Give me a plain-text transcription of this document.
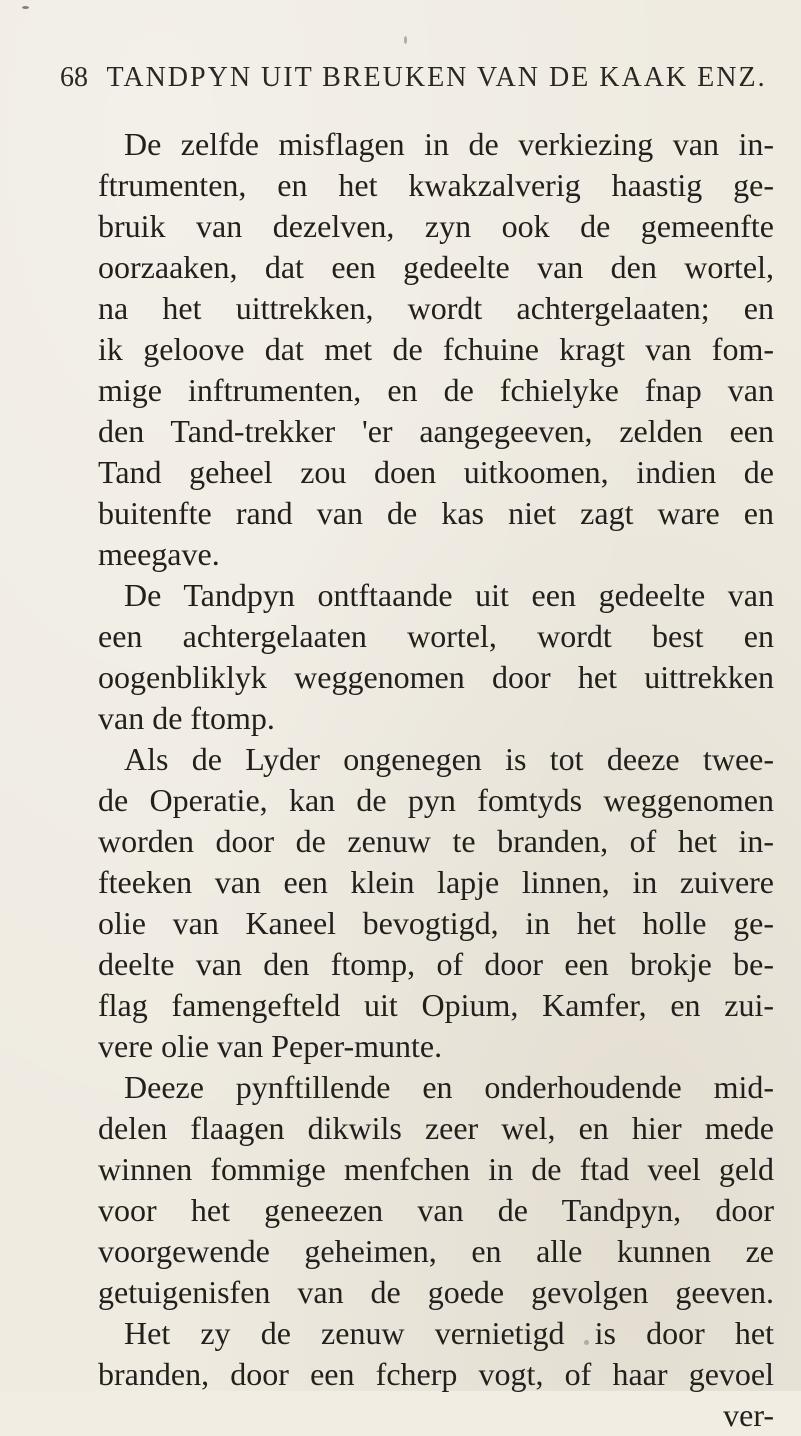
68 TANDPYN UIT BREUKEN VAN DE KAAK ENZ.
De zelfde misflagen in de verkiezing van in-
ftrumenten, en het kwakzalverig haastig ge-
bruik van dezelven, zyn ook de gemeenfte
oorzaaken, dat een gedeelte van den wortel,
na het uittrekken, wordt achtergelaaten; en
ik geloove dat met de fchuine kragt van fom-
mige inftrumenten, en de fchielyke fnap van
den Tand-trekker 'er aangegeeven, zelden een
Tand geheel zou doen uitkoomen, indien de
buitenfte rand van de kas niet zagt ware en
meegave.
De Tandpyn ontftaande uit een gedeelte van
een achtergelaaten wortel, wordt best en
oogenbliklyk weggenomen door het uittrekken
van de ftomp.
Als de Lyder ongenegen is tot deeze twee-
de Operatie, kan de pyn fomtyds weggenomen
worden door de zenuw te branden, of het in-
fteeken van een klein lapje linnen, in zuivere
olie van Kaneel bevogtigd, in het holle ge-
deelte van den ftomp, of door een brokje be-
flag famengefteld uit Opium, Kamfer, en zui-
vere olie van Peper-munte.
Deeze pynftillende en onderhoudende mid-
delen flaagen dikwils zeer wel, en hier mede
winnen fommige menfchen in de ftad veel geld
voor het geneezen van de Tandpyn, door
voorgewende geheimen, en alle kunnen ze
getuigenisfen van de goede gevolgen geeven.
Het zy de zenuw vernietigd is door het
branden, door een fcherp vogt, of haar gevoel
ver-
